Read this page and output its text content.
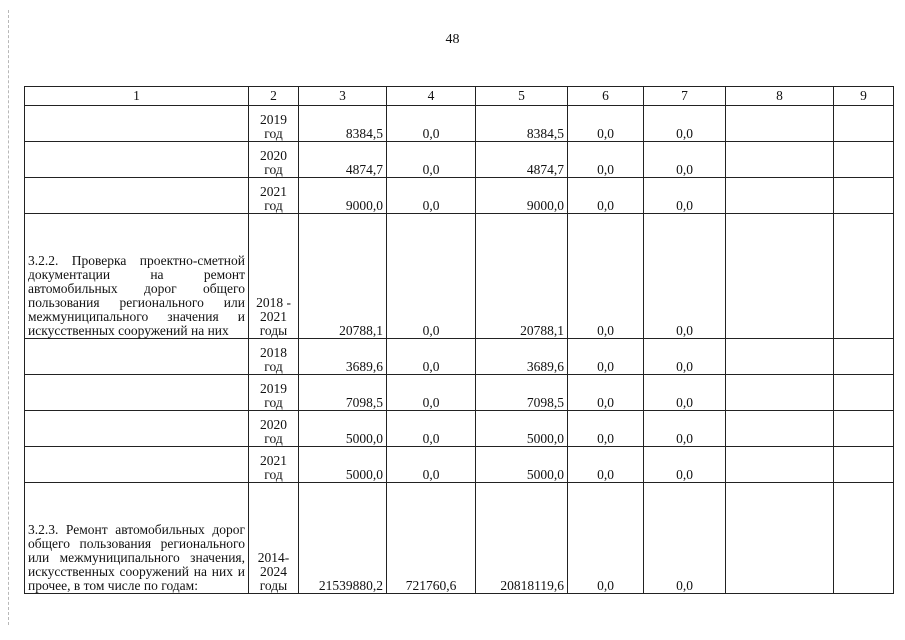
48
1	2	3	4	5	6	7	8	9
	2019 год	8384,5	0,0	8384,5	0,0	0,0		
	2020 год	4874,7	0,0	4874,7	0,0	0,0		
	2021 год	9000,0	0,0	9000,0	0,0	0,0		
3.2.2. Проверка проектно-сметной документации на ремонт автомобильных дорог общего пользования регионального или межмуниципального значения и искусственных сооружений на них	2018 - 2021 годы	20788,1	0,0	20788,1	0,0	0,0		
	2018 год	3689,6	0,0	3689,6	0,0	0,0		
	2019 год	7098,5	0,0	7098,5	0,0	0,0		
	2020 год	5000,0	0,0	5000,0	0,0	0,0		
	2021 год	5000,0	0,0	5000,0	0,0	0,0		
3.2.3. Ремонт автомобильных дорог общего пользования регионального или межмуниципального значения, искусственных сооружений на них и прочее, в том числе по годам:	2014-2024 годы	21539880,2	721760,6	20818119,6	0,0	0,0		
